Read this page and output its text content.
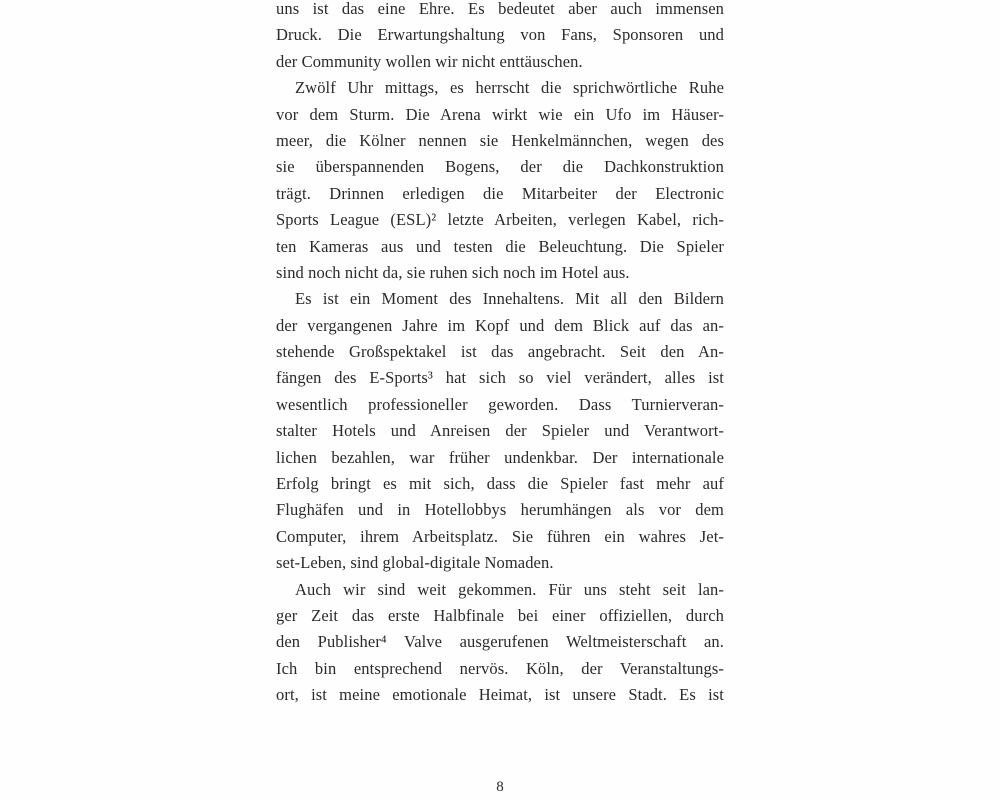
uns ist das eine Ehre. Es bedeutet aber auch immensen
Druck. Die Erwartungshaltung von Fans, Sponsoren und
der Community wollen wir nicht enttäuschen.
Zwölf Uhr mittags, es herrscht die sprichwörtliche Ruhe
vor dem Sturm. Die Arena wirkt wie ein Ufo im Häuser-
meer, die Kölner nennen sie Henkelmännchen, wegen des
sie überspannenden Bogens, der die Dachkonstruktion
trägt. Drinnen erledigen die Mitarbeiter der Electronic
Sports League (ESL)² letzte Arbeiten, verlegen Kabel, rich-
ten Kameras aus und testen die Beleuchtung. Die Spieler
sind noch nicht da, sie ruhen sich noch im Hotel aus.
Es ist ein Moment des Innehaltens. Mit all den Bildern
der vergangenen Jahre im Kopf und dem Blick auf das an-
stehende Großspektakel ist das angebracht. Seit den An-
fängen des E-Sports³ hat sich so viel verändert, alles ist
wesentlich professioneller geworden. Dass Turnierveran-
stalter Hotels und Anreisen der Spieler und Verantwort-
lichen bezahlen, war früher undenkbar. Der internationale
Erfolg bringt es mit sich, dass die Spieler fast mehr auf
Flughäfen und in Hotellobbys herumhängen als vor dem
Computer, ihrem Arbeitsplatz. Sie führen ein wahres Jet-
set-Leben, sind global-digitale Nomaden.
Auch wir sind weit gekommen. Für uns steht seit lan-
ger Zeit das erste Halbfinale bei einer offiziellen, durch
den Publisher⁴ Valve ausgerufenen Weltmeisterschaft an.
Ich bin entsprechend nervös. Köln, der Veranstaltungs-
ort, ist meine emotionale Heimat, ist unsere Stadt. Es ist
8
